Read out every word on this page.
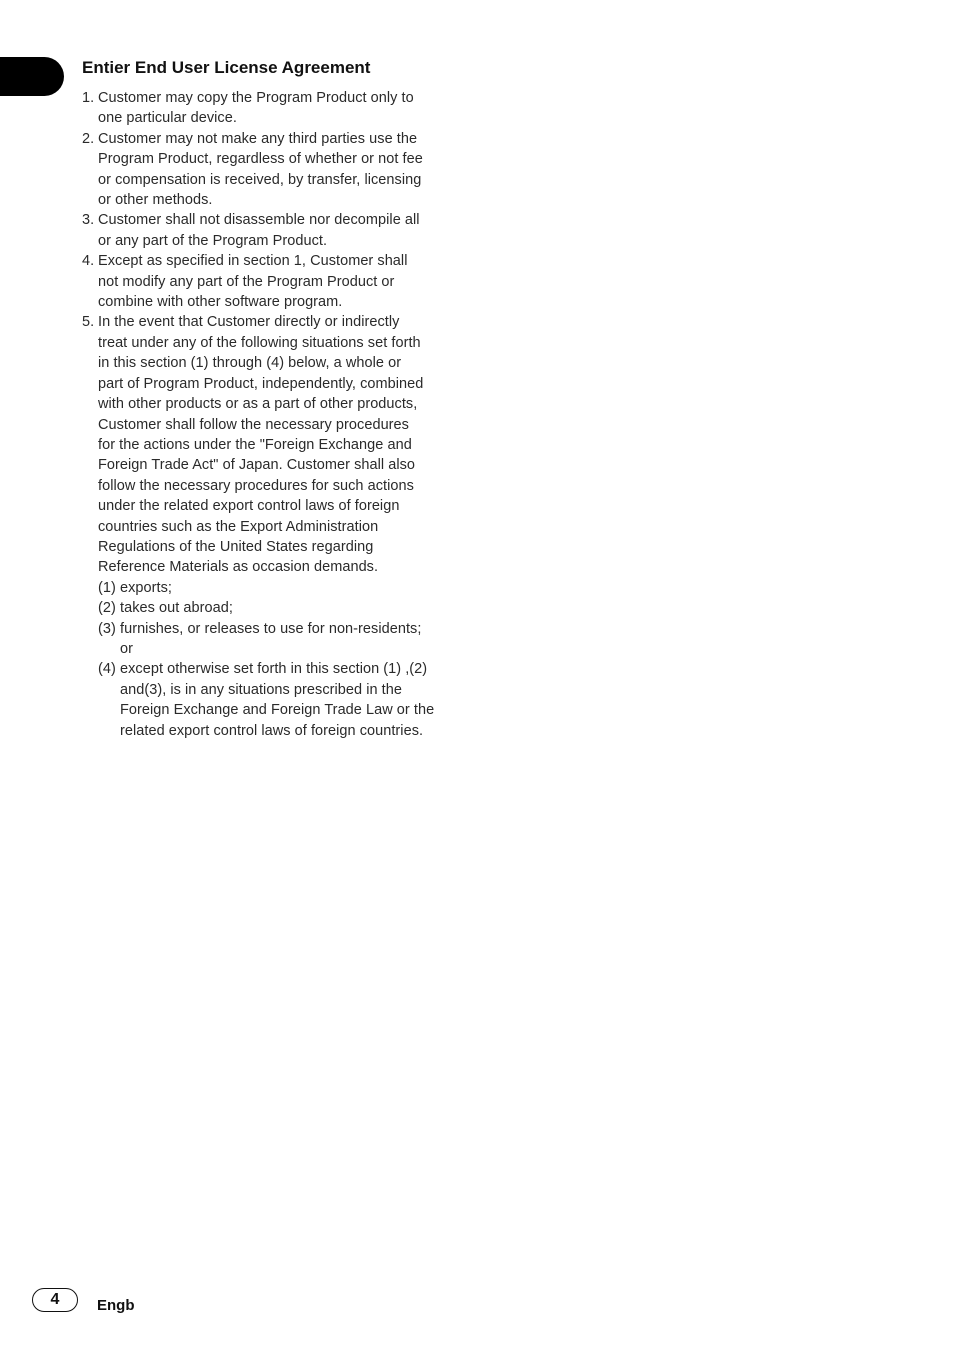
Entier End User License Agreement
1. Customer may copy the Program Product only to
one particular device.
2. Customer may not make any third parties use the
Program Product, regardless of whether or not fee
or compensation is received, by transfer, licensing
or other methods.
3. Customer shall not disassemble nor decompile all
or any part of the Program Product.
4. Except as specified in section 1, Customer shall
not modify any part of the Program Product or
combine with other software program.
5. In the event that Customer directly or indirectly
treat under any of the following situations set forth
in this section (1) through (4) below, a whole or
part of Program Product, independently, combined
with other products or as a part of other products,
Customer shall follow the necessary procedures
for the actions under the "Foreign Exchange and
Foreign Trade Act" of Japan. Customer shall also
follow the necessary procedures for such actions
under the related export control laws of foreign
countries such as the Export Administration
Regulations of the United States regarding
Reference Materials as occasion demands.
(1) exports;
(2) takes out abroad;
(3) furnishes, or releases to use for non-residents;
or
(4) except otherwise set forth in this section (1) ,(2)
and(3), is in any situations prescribed in the
Foreign Exchange and Foreign Trade Law or the
related export control laws of foreign countries.
4	Engb
